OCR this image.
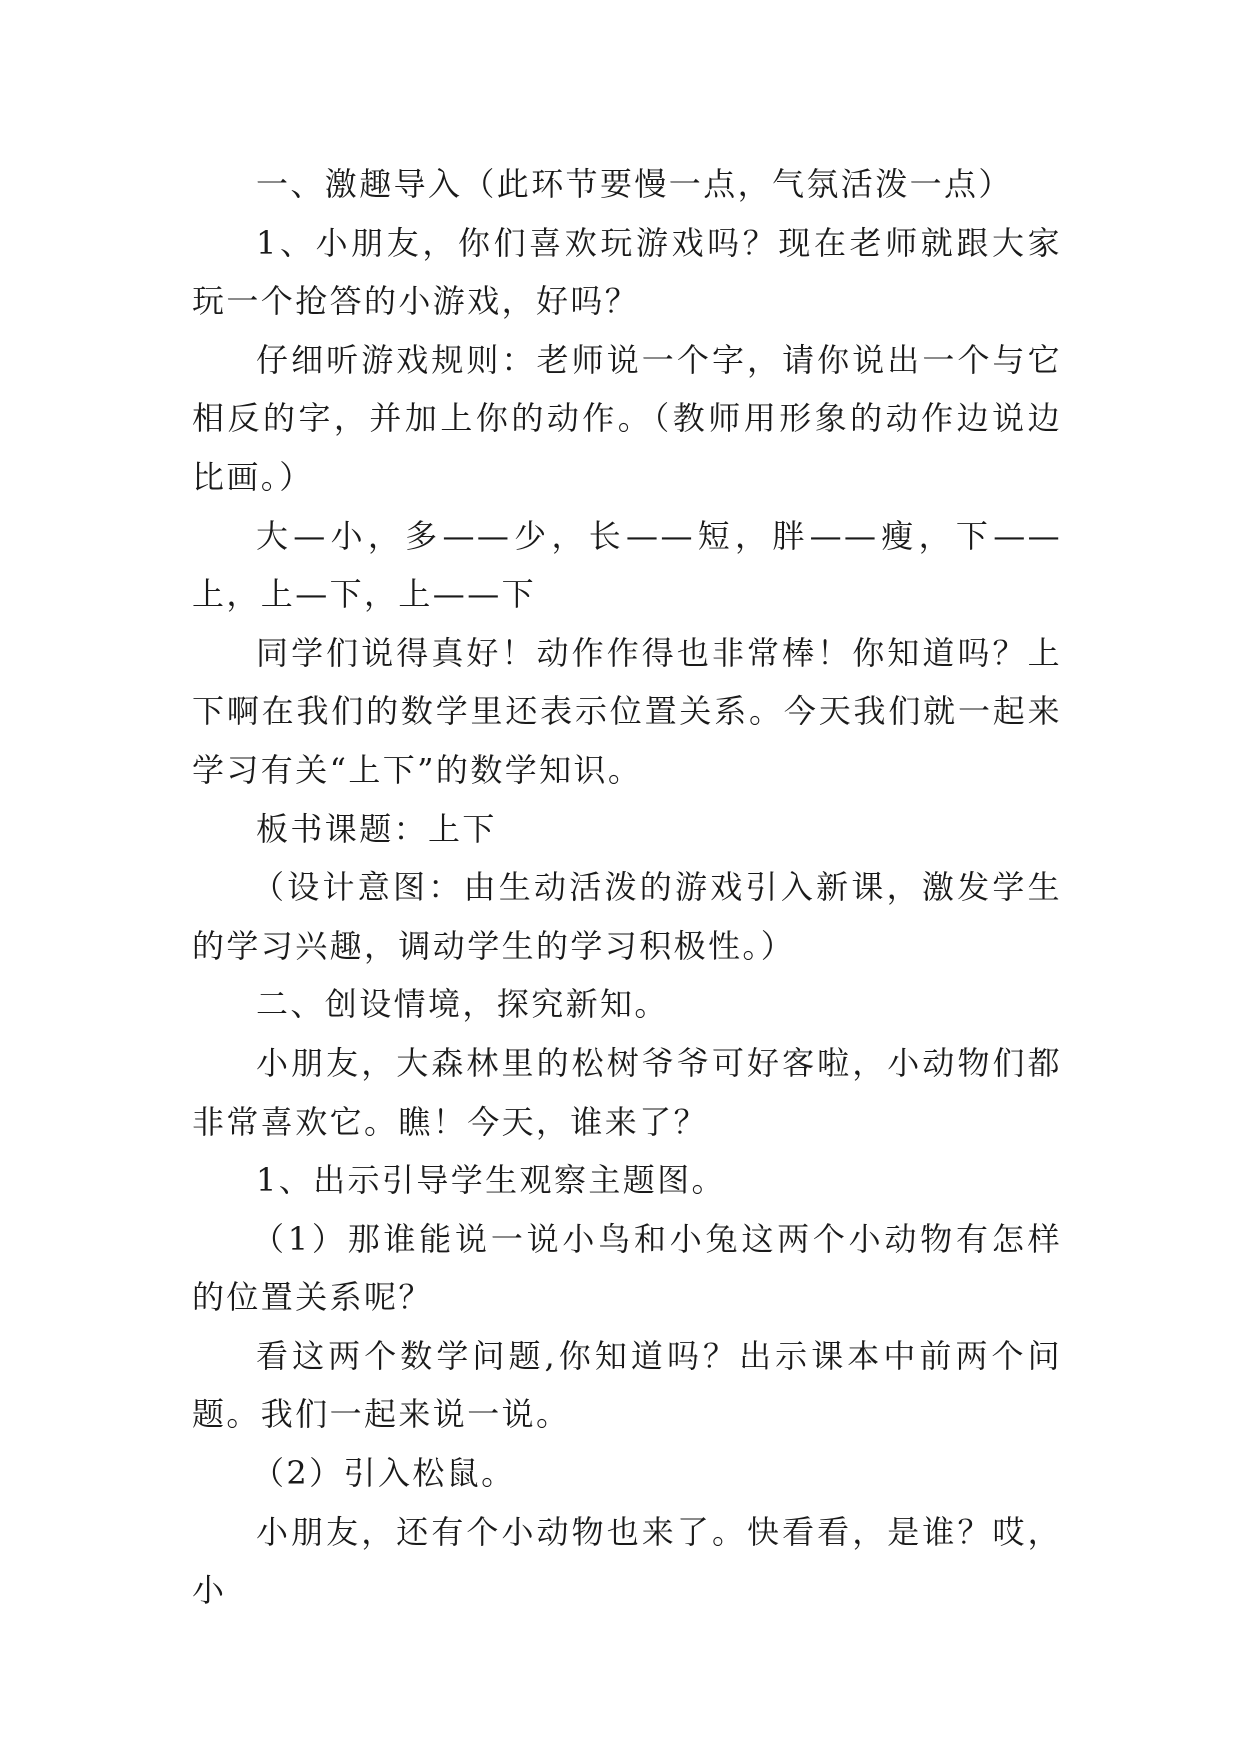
一、激趣导入（此环节要慢一点，气氛活泼一点）

1、小朋友，你们喜欢玩游戏吗？现在老师就跟大家玩一个抢答的小游戏，好吗？

仔细听游戏规则：老师说一个字，请你说出一个与它相反的字，并加上你的动作。（教师用形象的动作边说边比画。）

大—小，多——少，长——短，胖——瘦，下——上，上—下，上——下

同学们说得真好！动作作得也非常棒！你知道吗？上下啊在我们的数学里还表示位置关系。今天我们就一起来学习有关“上下”的数学知识。

板书课题：上下

（设计意图：由生动活泼的游戏引入新课，激发学生的学习兴趣，调动学生的学习积极性。）

二、创设情境，探究新知。

小朋友，大森林里的松树爷爷可好客啦，小动物们都非常喜欢它。瞧！今天，谁来了？

1、出示引导学生观察主题图。

（1）那谁能说一说小鸟和小兔这两个小动物有怎样的位置关系呢？

看这两个数学问题,你知道吗？出示课本中前两个问题。我们一起来说一说。

（2）引入松鼠。

小朋友，还有个小动物也来了。快看看，是谁？哎，小
